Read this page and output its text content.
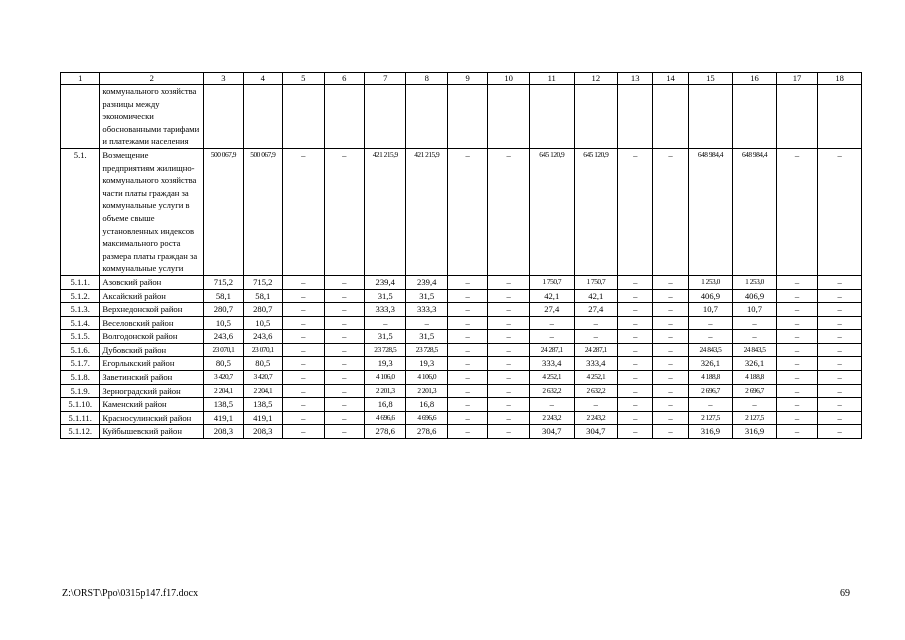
1	2	3	4	5	6	7	8	9	10	11	12	13	14	15	16	17	18
	коммунального хозяйства разницы между экономически обоснованными тарифами и платежами населения																
5.1.	Возмещение предприятиям жилищно-коммунального хозяйства части платы граждан за коммунальные услуги в объеме свыше установленных индексов максимального роста размера платы граждан за коммунальные услуги	500 067,9	500 067,9	–	–	421 215,9	421 215,9	–	–	645 120,9	645 120,9	–	–	648 984,4	648 984,4	–	–
5.1.1.	Азовский район	715,2	715,2	–	–	239,4	239,4	–	–	1 750,7	1 750,7	–	–	1 253,0	1 253,0	–	–
5.1.2.	Аксайский район	58,1	58,1	–	–	31,5	31,5	–	–	42,1	42,1	–	–	406,9	406,9	–	–
5.1.3.	Верхнедонской район	280,7	280,7	–	–	333,3	333,3	–	–	27,4	27,4	–	–	10,7	10,7	–	–
5.1.4.	Веселовский район	10,5	10,5	–	–	–	–	–	–	–	–	–	–	–	–	–	–
5.1.5.	Волгодонской район	243,6	243,6	–	–	31,5	31,5	–	–	–	–	–	–	–	–	–	–
5.1.6.	Дубовский район	23 070,1	23 070,1	–	–	23 728,5	23 728,5	–	–	24 287,1	24 287,1	–	–	24 843,5	24 843,5	–	–
5.1.7.	Егорлыкский район	80,5	80,5	–	–	19,3	19,3	–	–	333,4	333,4	–	–	326,1	326,1	–	–
5.1.8.	Заветинский район	3 420,7	3 420,7	–	–	4 106,0	4 106,0	–	–	4 252,1	4 252,1	–	–	4 188,8	4 188,8	–	–
5.1.9.	Зерноградский район	2 204,1	2 204,1	–	–	2 201,3	2 201,3	–	–	2 632,2	2 632,2	–	–	2 696,7	2 696,7	–	–
5.1.10.	Каменский район	138,5	138,5	–	–	16,8	16,8	–	–	–	–	–	–	–	–	–	–
5.1.11.	Красносулинский район	419,1	419,1	–	–	4 696,6	4 696,6	–	–	2 243,2	2 243,2	–	–	2 127,5	2 127,5	–	–
5.1.12.	Куйбышевский район	208,3	208,3	–	–	278,6	278,6	–	–	304,7	304,7	–	–	316,9	316,9	–	–
Z:\ORST\Ppo\0315p147.f17.docx	69
